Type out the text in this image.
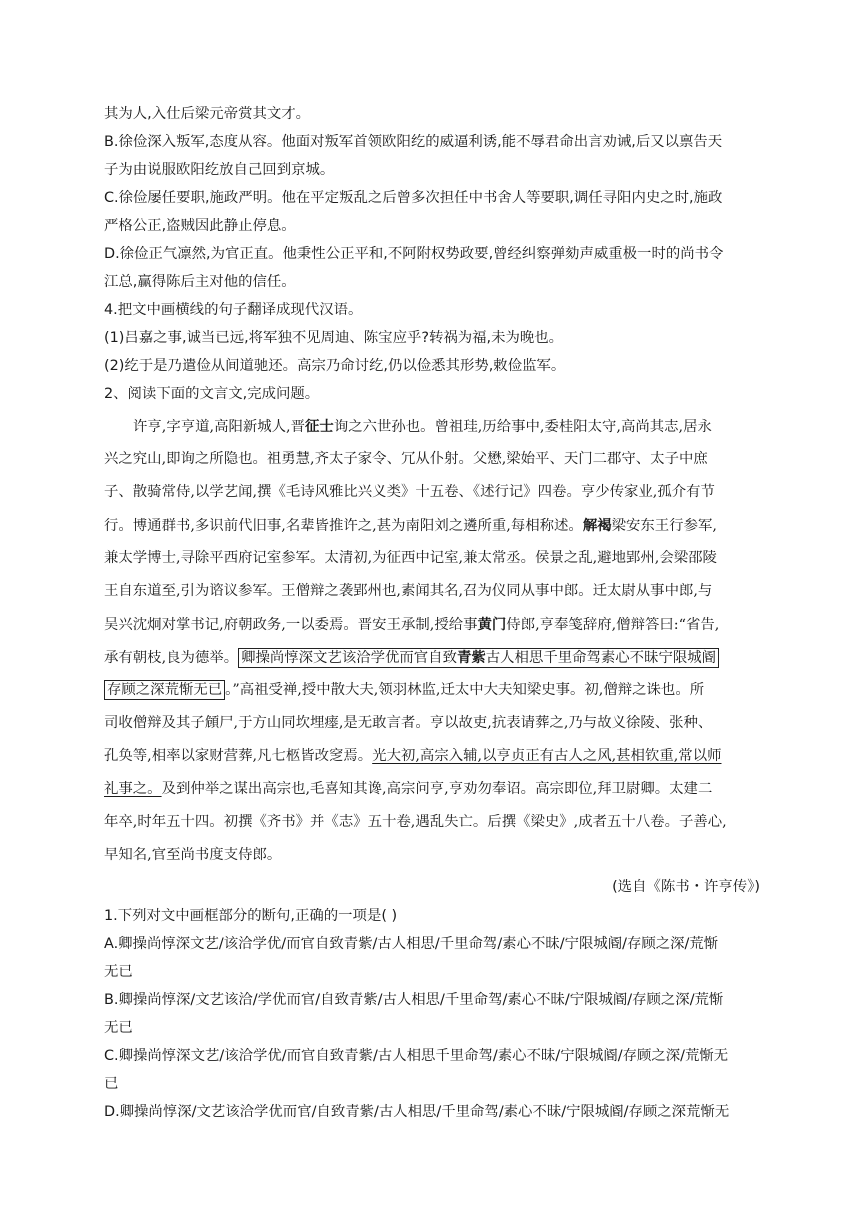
其为人,入仕后梁元帝赏其文才。
B.徐俭深入叛军,态度从容。他面对叛军首领欧阳纥的威逼利诱,能不辱君命出言劝诫,后又以禀告天
子为由说服欧阳纥放自己回到京城。
C.徐俭屡任要职,施政严明。他在平定叛乱之后曾多次担任中书舍人等要职,调任寻阳内史之时,施政
严格公正,盗贼因此静止停息。
D.徐俭正气凛然,为官正直。他秉性公正平和,不阿附权势政要,曾经纠察弹劾声威重极一时的尚书令
江总,赢得陈后主对他的信任。
4.把文中画横线的句子翻译成现代汉语。
(1)吕嘉之事,诚当已远,将军独不见周迪、陈宝应乎?转祸为福,未为晚也。
(2)纥于是乃遣俭从间道驰还。高宗乃命讨纥,仍以俭悉其形势,敕俭监军。
2、阅读下面的文言文,完成问题。
许亨,字亨道,高阳新城人,晋征士询之六世孙也。曾祖珪,历给事中,委桂阳太守,高尚其志,居永
兴之究山,即询之所隐也。祖勇慧,齐太子家令、冗从仆射。父懋,梁始平、天门二郡守、太子中庶
子、散骑常侍,以学艺闻,撰《毛诗风雅比兴义类》十五卷、《述行记》四卷。亨少传家业,孤介有节
行。博通群书,多识前代旧事,名辈皆推许之,甚为南阳刘之遴所重,每相称述。解褐梁安东王行参军,
兼太学博士,寻除平西府记室参军。太清初,为征西中记室,兼太常丞。侯景之乱,避地郢州,会梁邵陵
王自东道至,引为谘议参军。王僧辩之袭郢州也,素闻其名,召为仪同从事中郎。迁太尉从事中郎,与
吴兴沈炯对掌书记,府朝政务,一以委焉。晋安王承制,授给事黄门侍郎,亨奉笺辞府,僧辩答曰:“省告,
承有朝枝,良为德举。 卿操尚惇深文艺该洽学优而官自致青紫古人相思千里命驾素心不昧宁限城阍
存顾之深荒惭无已 。”高祖受禅,授中散大夫,领羽林监,迁太中大夫知梁史事。初,僧辩之诛也。所
司收僧辩及其子頠尸,于方山同坎埋瘗,是无敢言者。亨以故吏,抗表请葬之,乃与故义徐陵、张种、
孔奂等,相率以家财营葬,凡七柩皆改窆焉。光大初,高宗入辅,以亨贞正有古人之风,甚相钦重,常以师
礼事之。及到仲举之谋出高宗也,毛喜知其谗,高宗问亨,亨劝勿奉诏。高宗即位,拜卫尉卿。太建二
年卒,时年五十四。初撰《齐书》并《志》五十卷,遇乱失亡。后撰《梁史》,成者五十八卷。子善心,
早知名,官至尚书度支侍郎。
(选自《陈书・许亨传》)
1.下列对文中画框部分的断句,正确的一项是( )
A.卿操尚惇深文艺/该洽学优/而官自致青紫/古人相思/千里命驾/素心不昧/宁限城阍/存顾之深/荒惭
无已
B.卿操尚惇深/文艺该洽/学优而官/自致青紫/古人相思/千里命驾/素心不昧/宁限城阍/存顾之深/荒惭
无已
C.卿操尚惇深文艺/该洽学优/而官自致青紫/古人相思千里命驾/素心不昧/宁限城阍/存顾之深/荒惭无
已
D.卿操尚惇深/文艺该洽学优而官/自致青紫/古人相思/千里命驾/素心不昧/宁限城阍/存顾之深荒惭无
